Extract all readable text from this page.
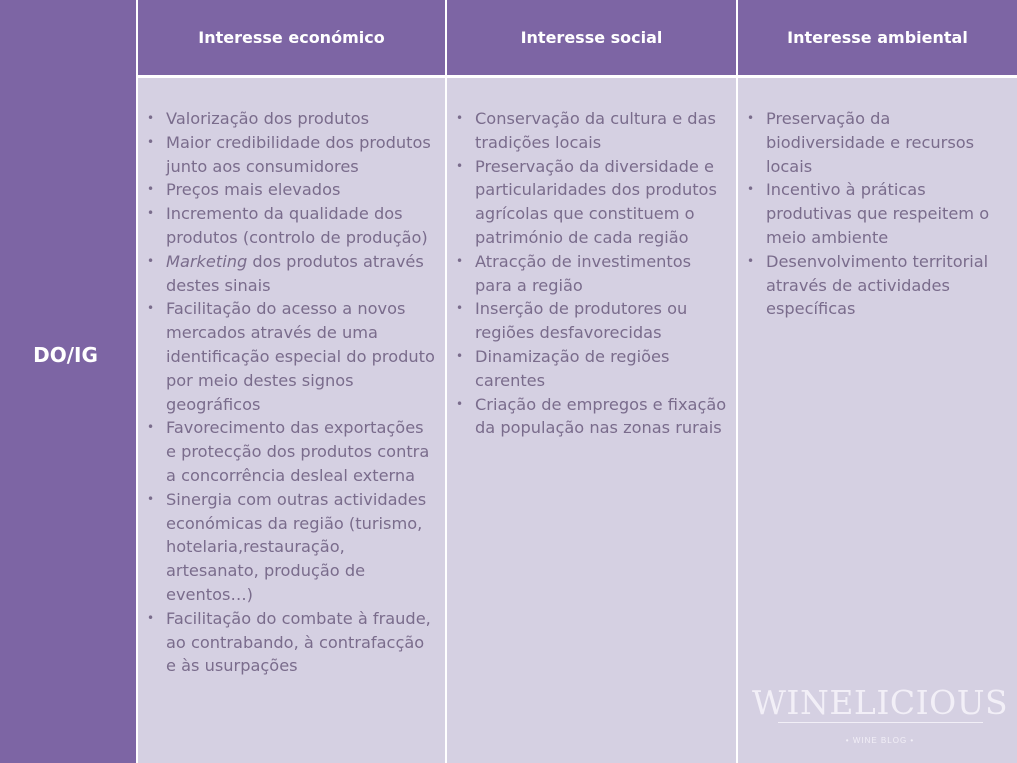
DO/IG
Interesse económico	Interesse social	Interesse ambiental
• Valorização dos produtos
• Maior credibilidade dos produtos junto aos consumidores
• Preços mais elevados
• Incremento da qualidade dos produtos (controlo de produção)
• Marketing dos produtos através destes sinais
• Facilitação do acesso a novos mercados através de uma identificação especial do produto por meio destes signos geográficos
• Favorecimento das exportações e protecção dos produtos contra a concorrência desleal externa
• Sinergia com outras actividades económicas da região (turismo, hotelaria,restauração, artesanato, produção de eventos…)
• Facilitação do combate à fraude, ao contrabando, à contrafacção e às usurpações
• Conservação da cultura e das tradições locais
• Preservação da diversidade e particularidades dos produtos agrícolas que constituem o património de cada região
• Atracção de investimentos para a região
• Inserção de produtores ou regiões desfavorecidas
• Dinamização de regiões carentes
• Criação de empregos e fixação da população nas zonas rurais
• Preservação da biodiversidade e recursos locais
• Incentivo à práticas produtivas que respeitem o meio ambiente
• Desenvolvimento territorial através de actividades específicas
WINELICIOUS
• WINE BLOG •
